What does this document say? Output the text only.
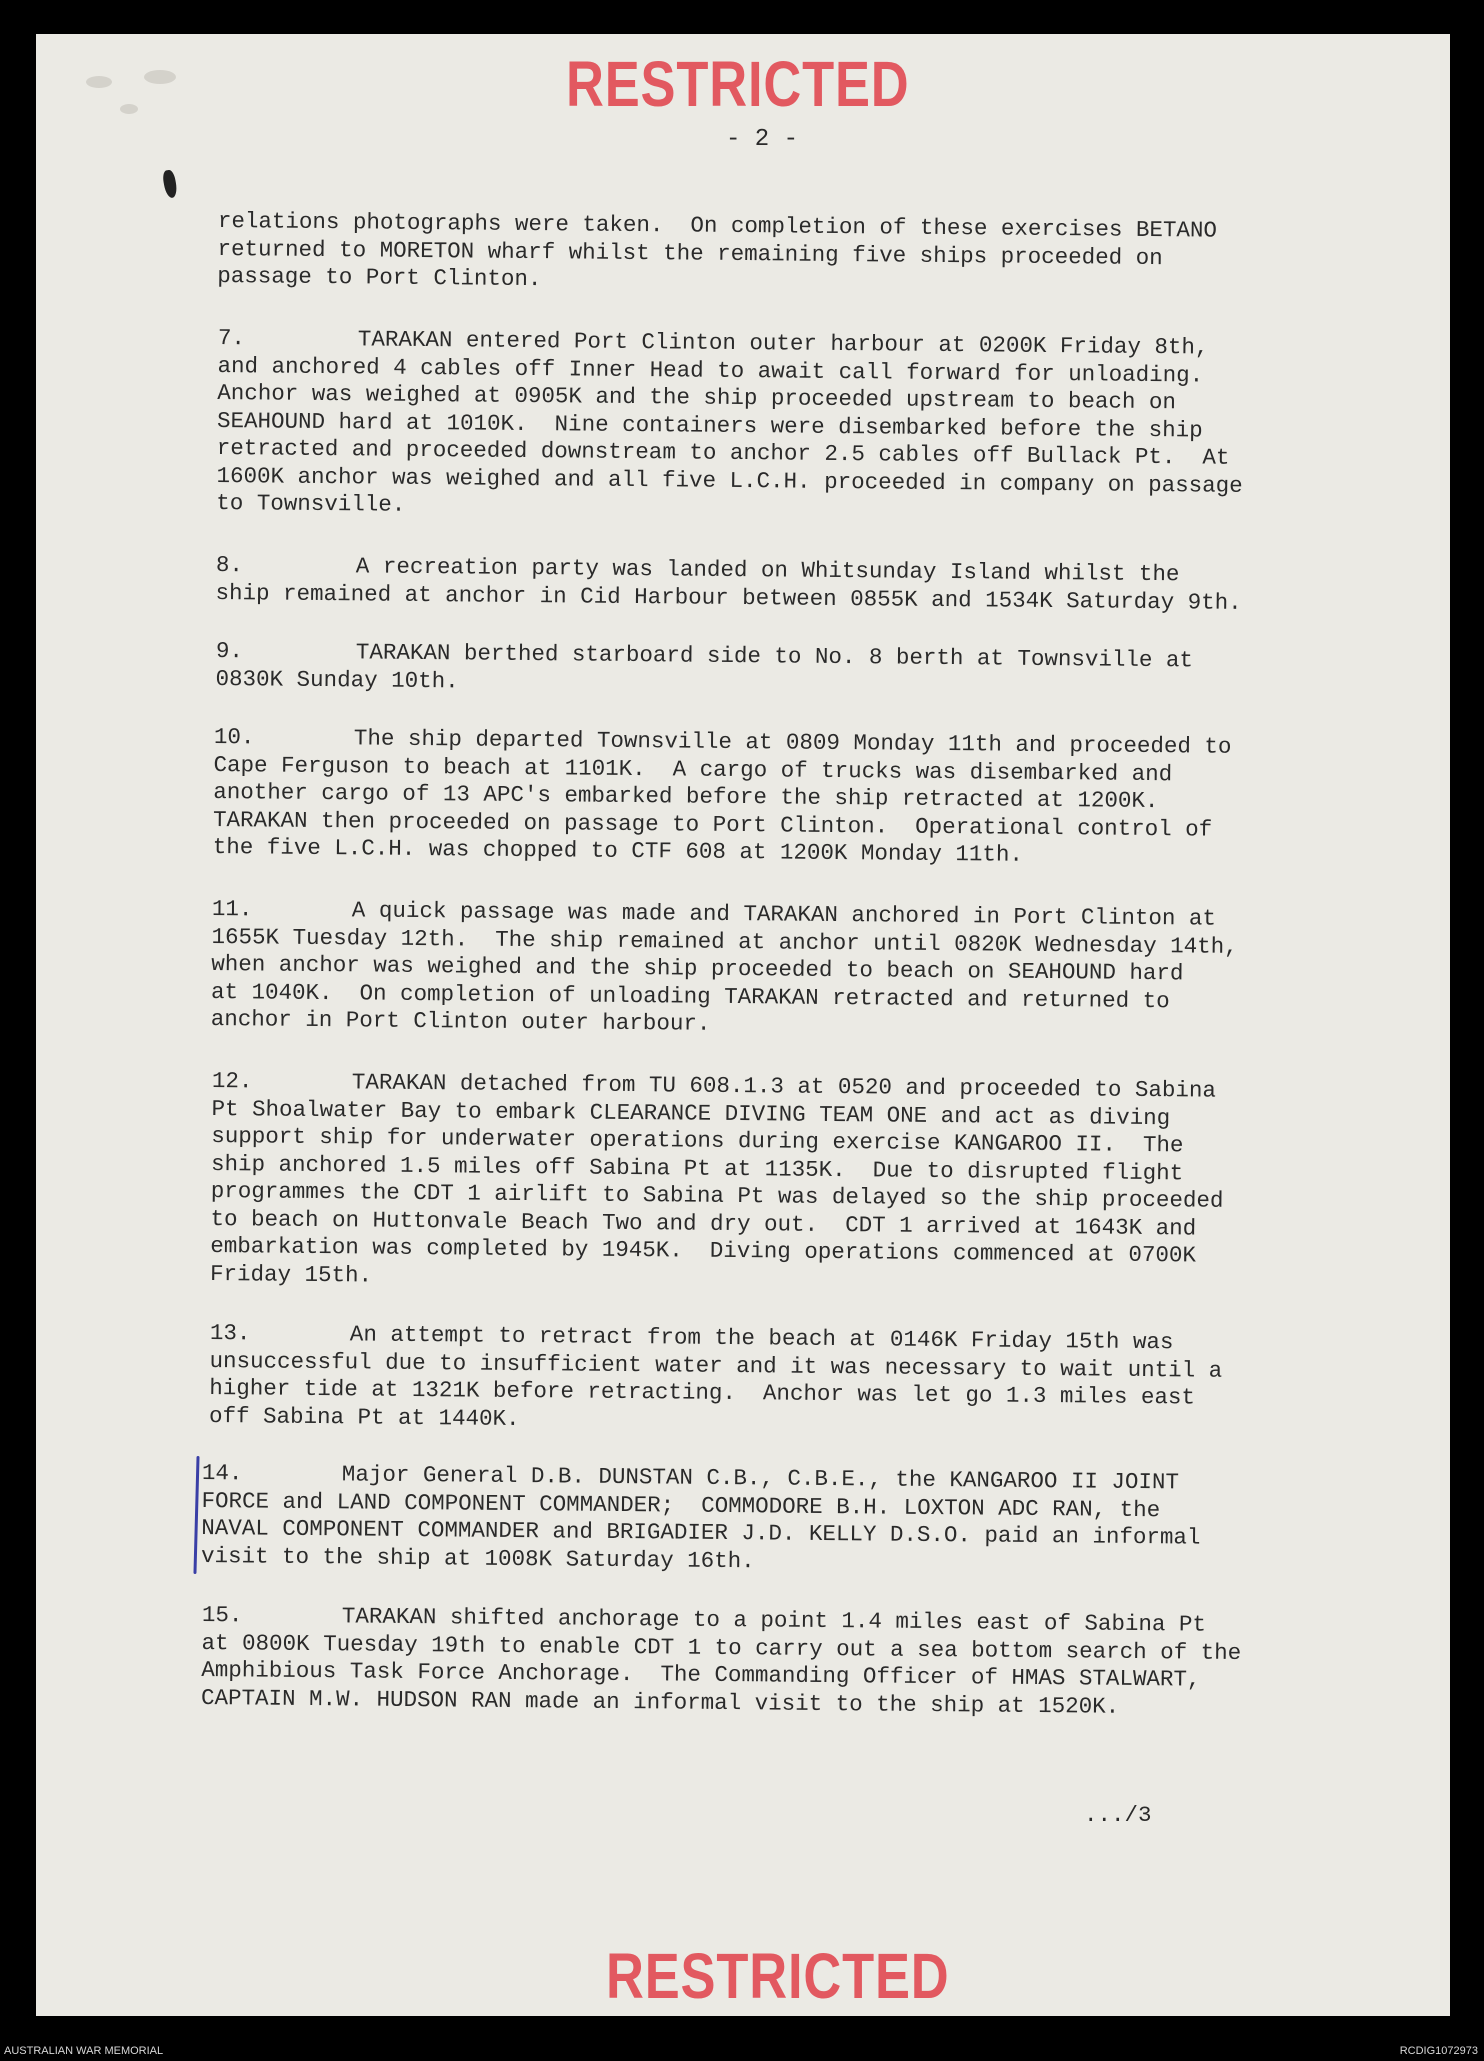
RESTRICTED
- 2 -
relations photographs were taken.  On completion of these exercises BETANO
returned to MORETON wharf whilst the remaining five ships proceeded on
passage to Port Clinton.
7.	TARAKAN entered Port Clinton outer harbour at 0200K Friday 8th,
and anchored 4 cables off Inner Head to await call forward for unloading.
Anchor was weighed at 0905K and the ship proceeded upstream to beach on
SEAHOUND hard at 1010K.  Nine containers were disembarked before the ship
retracted and proceeded downstream to anchor 2.5 cables off Bullack Pt.  At
1600K anchor was weighed and all five L.C.H. proceeded in company on passage
to Townsville.
8.	A recreation party was landed on Whitsunday Island whilst the
ship remained at anchor in Cid Harbour between 0855K and 1534K Saturday 9th.
9.	TARAKAN berthed starboard side to No. 8 berth at Townsville at
0830K Sunday 10th.
10.	The ship departed Townsville at 0809 Monday 11th and proceeded to
Cape Ferguson to beach at 1101K.  A cargo of trucks was disembarked and
another cargo of 13 APC's embarked before the ship retracted at 1200K.
TARAKAN then proceeded on passage to Port Clinton.  Operational control of
the five L.C.H. was chopped to CTF 608 at 1200K Monday 11th.
11.	A quick passage was made and TARAKAN anchored in Port Clinton at
1655K Tuesday 12th.  The ship remained at anchor until 0820K Wednesday 14th,
when anchor was weighed and the ship proceeded to beach on SEAHOUND hard
at 1040K.  On completion of unloading TARAKAN retracted and returned to
anchor in Port Clinton outer harbour.
12.	TARAKAN detached from TU 608.1.3 at 0520 and proceeded to Sabina
Pt Shoalwater Bay to embark CLEARANCE DIVING TEAM ONE and act as diving
support ship for underwater operations during exercise KANGAROO II.  The
ship anchored 1.5 miles off Sabina Pt at 1135K.  Due to disrupted flight
programmes the CDT 1 airlift to Sabina Pt was delayed so the ship proceeded
to beach on Huttonvale Beach Two and dry out.  CDT 1 arrived at 1643K and
embarkation was completed by 1945K.  Diving operations commenced at 0700K
Friday 15th.
13.	An attempt to retract from the beach at 0146K Friday 15th was
unsuccessful due to insufficient water and it was necessary to wait until a
higher tide at 1321K before retracting.  Anchor was let go 1.3 miles east
off Sabina Pt at 1440K.
14.	Major General D.B. DUNSTAN C.B., C.B.E., the KANGAROO II JOINT
FORCE and LAND COMPONENT COMMANDER;  COMMODORE B.H. LOXTON ADC RAN, the
NAVAL COMPONENT COMMANDER and BRIGADIER J.D. KELLY D.S.O. paid an informal
visit to the ship at 1008K Saturday 16th.
15.	TARAKAN shifted anchorage to a point 1.4 miles east of Sabina Pt
at 0800K Tuesday 19th to enable CDT 1 to carry out a sea bottom search of the
Amphibious Task Force Anchorage.  The Commanding Officer of HMAS STALWART,
CAPTAIN M.W. HUDSON RAN made an informal visit to the ship at 1520K.
.../3
RESTRICTED
AUSTRALIAN WAR MEMORIAL	RCDIG1072973
